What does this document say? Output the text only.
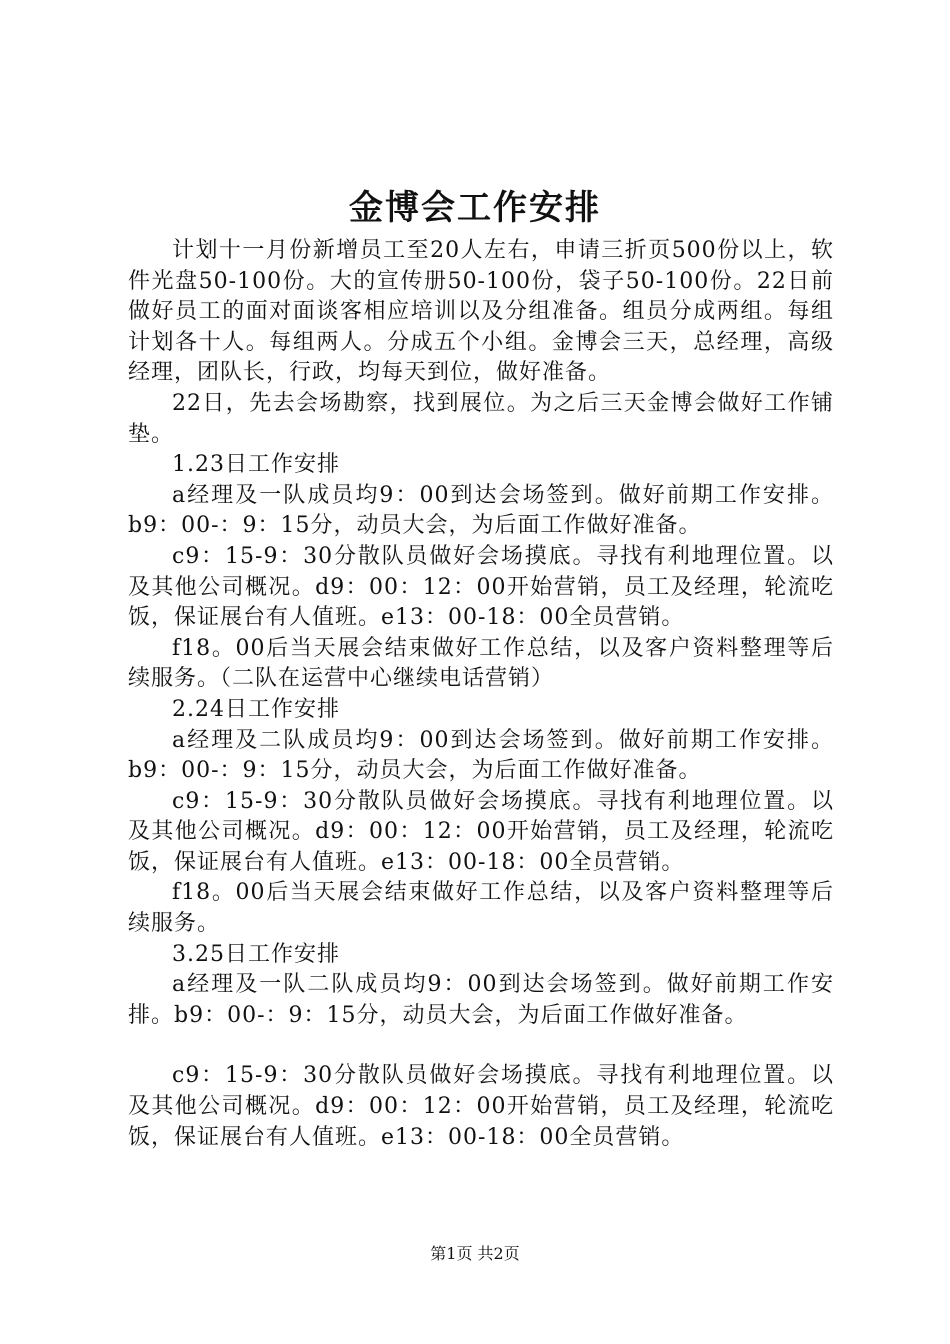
金博会工作安排

计划十一月份新增员工至20人左右，申请三折页500份以上，软件光盘50-100份。大的宣传册50-100份，袋子50-100份。22日前做好员工的面对面谈客相应培训以及分组准备。组员分成两组。每组计划各十人。每组两人。分成五个小组。金博会三天，总经理，高级经理，团队长，行政，均每天到位，做好准备。

22日，先去会场勘察，找到展位。为之后三天金博会做好工作铺垫。

1.23日工作安排

a经理及一队成员均9：00到达会场签到。做好前期工作安排。b9：00-：9：15分，动员大会，为后面工作做好准备。

c9：15-9：30分散队员做好会场摸底。寻找有利地理位置。以及其他公司概况。d9：00：12：00开始营销，员工及经理，轮流吃饭，保证展台有人值班。e13：00-18：00全员营销。

f18。00后当天展会结束做好工作总结，以及客户资料整理等后续服务。（二队在运营中心继续电话营销）

2.24日工作安排

a经理及二队成员均9：00到达会场签到。做好前期工作安排。b9：00-：9：15分，动员大会，为后面工作做好准备。

c9：15-9：30分散队员做好会场摸底。寻找有利地理位置。以及其他公司概况。d9：00：12：00开始营销，员工及经理，轮流吃饭，保证展台有人值班。e13：00-18：00全员营销。

f18。00后当天展会结束做好工作总结，以及客户资料整理等后续服务。

3.25日工作安排

a经理及一队二队成员均9：00到达会场签到。做好前期工作安排。b9：00-：9：15分，动员大会，为后面工作做好准备。

c9：15-9：30分散队员做好会场摸底。寻找有利地理位置。以及其他公司概况。d9：00：12：00开始营销，员工及经理，轮流吃饭，保证展台有人值班。e13：00-18：00全员营销。

第1页 共2页
